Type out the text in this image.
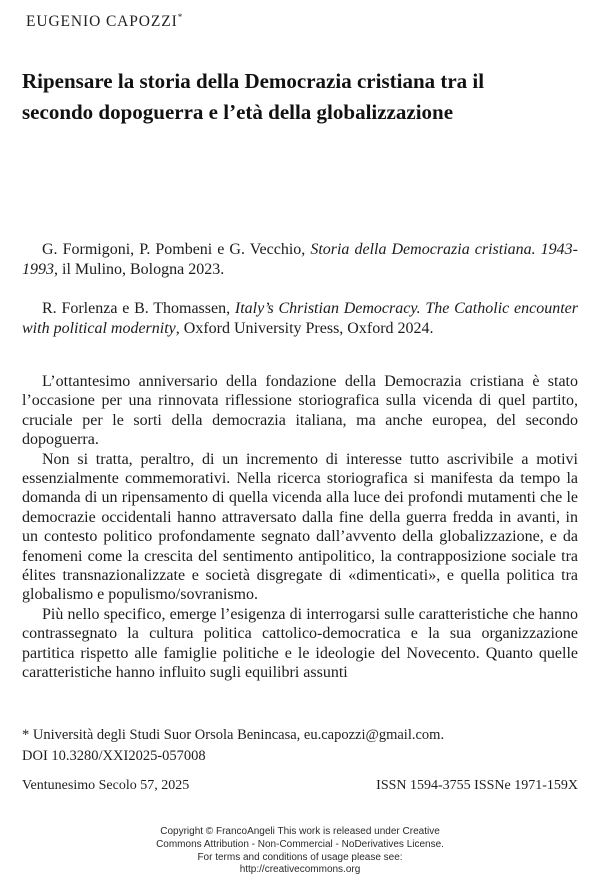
EUGENIO CAPOZZI*
Ripensare la storia della Democrazia cristiana tra il
secondo dopoguerra e l’età della globalizzazione

G. Formigoni, P. Pombeni e G. Vecchio, Storia della Democrazia cristiana. 1943-1993, il Mulino, Bologna 2023.

R. Forlenza e B. Thomassen, Italy’s Christian Democracy. The Catholic encounter with political modernity, Oxford University Press, Oxford 2024.

L’ottantesimo anniversario della fondazione della Democrazia cristiana è stato l’occasione per una rinnovata riflessione storiografica sulla vicenda di quel partito, cruciale per le sorti della democrazia italiana, ma anche europea, del secondo dopoguerra.

Non si tratta, peraltro, di un incremento di interesse tutto ascrivibile a motivi essenzialmente commemorativi. Nella ricerca storiografica si manifesta da tempo la domanda di un ripensamento di quella vicenda alla luce dei profondi mutamenti che le democrazie occidentali hanno attraversato dalla fine della guerra fredda in avanti, in un contesto politico profondamente segnato dall’avvento della globalizzazione, e da fenomeni come la crescita del sentimento antipolitico, la contrapposizione sociale tra élites transnazionalizzate e società disgregate di «dimenticati», e quella politica tra globalismo e populismo/sovranismo.

Più nello specifico, emerge l’esigenza di interrogarsi sulle caratteristiche che hanno contrassegnato la cultura politica cattolico-democratica e la sua organizzazione partitica rispetto alle famiglie politiche e le ideologie del Novecento. Quanto quelle caratteristiche hanno influito sugli equilibri assunti

* Università degli Studi Suor Orsola Benincasa, eu.capozzi@gmail.com.
DOI 10.3280/XXI2025-057008
Ventunesimo Secolo 57, 2025	ISSN 1594-3755 ISSNe 1971-159X
Copyright © FrancoAngeli This work is released under Creative
Commons Attribution - Non-Commercial - NoDerivatives License.
For terms and conditions of usage please see:
http://creativecommons.org
